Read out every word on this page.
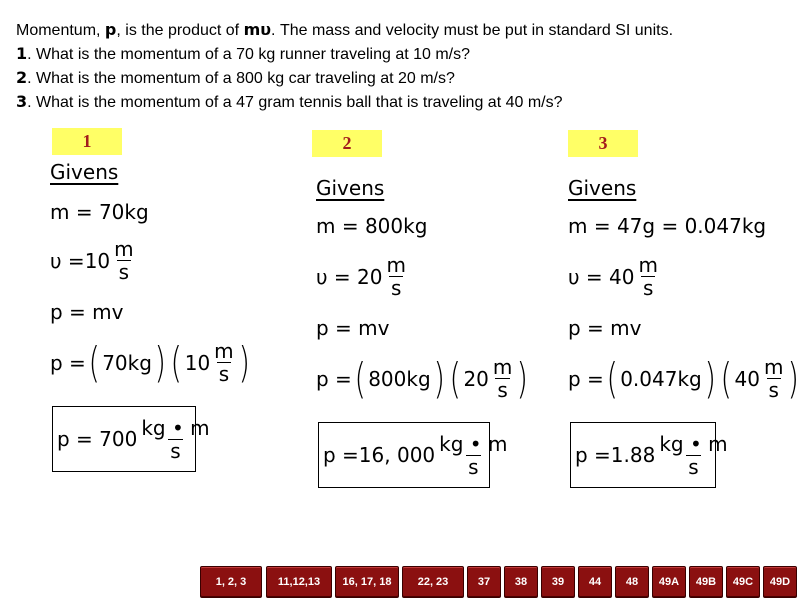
Momentum, p, is the product of mυ. The mass and velocity must be put in standard SI units.
1. What is the momentum of a 70 kg runner traveling at 10 m/s?
2. What is the momentum of a 800 kg car traveling at 20 m/s?
3. What is the momentum of a 47 gram tennis ball that is traveling at 40 m/s?
1
Givens
m = 70kg
$\upsilon =10 \frac{m}{s}$
p = mv
p = ( 70kg ) ( $10 \frac{m}{s}$ )
$p = 700 \frac{kg • m}{s}$
2
Givens
m = 800kg
$\upsilon = 20 \frac{m}{s}$
p = mv
p = ( 800kg ) ( $20 \frac{m}{s}$ )
p =16, $000 \frac{kg • m}{s}$
3
Givens
m = 47g = 0.047kg
$\upsilon = 40 \frac{m}{s}$
p = mv
p = ( 0.047kg ) ( $40 \frac{m}{s}$ )
$p =1.88 \frac{kg • m}{s}$
1, 2, 3	11,12,13	16, 17, 18	22, 23	37	38	39	44	48	49A	49B	49C	49D
